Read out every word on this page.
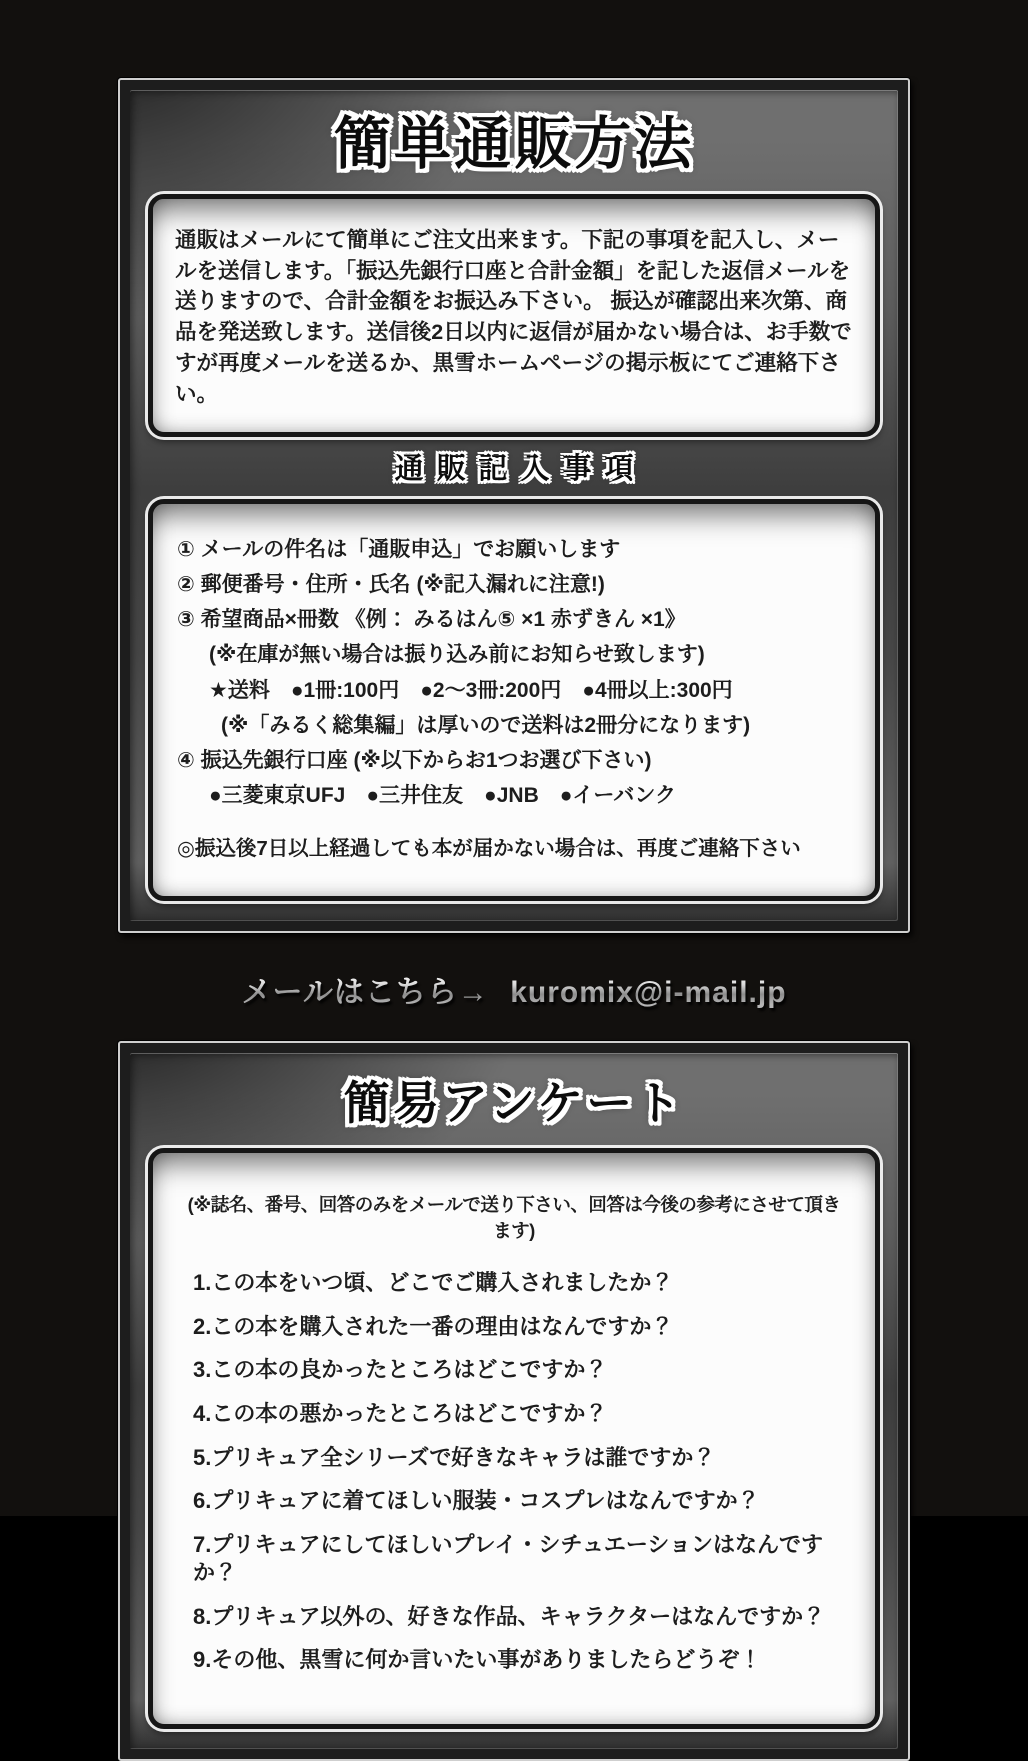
簡単通販方法

通販はメールにて簡単にご注文出来ます。下記の事項を記入し、メールを送信します。「振込先銀行口座と合計金額」を記した返信メールを送りますので、合計金額をお振込み下さい。 振込が確認出来次第、商品を発送致します。送信後2日以内に返信が届かない場合は、お手数ですが再度メールを送るか、黒雪ホームページの掲示板にてご連絡下さい。

通販記入事項

① メールの件名は「通販申込」でお願いします

② 郵便番号・住所・氏名 (※記入漏れに注意!)

③ 希望商品×冊数 《例： みるはん⑤ ×1 赤ずきん ×1》

(※在庫が無い場合は振り込み前にお知らせ致します)

★送料　●1冊:100円　●2～3冊:200円　●4冊以上:300円

(※「みるく総集編」は厚いので送料は2冊分になります)

④ 振込先銀行口座 (※以下からお1つお選び下さい)

●三菱東京UFJ　●三井住友　●JNB　●イーバンク

◎振込後7日以上経過しても本が届かない場合は、再度ご連絡下さい

メールはこちら→ kuromix@i-mail.jp
簡易アンケート

(※誌名、番号、回答のみをメールで送り下さい、回答は今後の参考にさせて頂きます)

1.この本をいつ頃、どこでご購入されましたか？

2.この本を購入された一番の理由はなんですか？

3.この本の良かったところはどこですか？

4.この本の悪かったところはどこですか？

5.プリキュア全シリーズで好きなキャラは誰ですか？

6.プリキュアに着てほしい服装・コスプレはなんですか？

7.プリキュアにしてほしいプレイ・シチュエーションはなんですか？

8.プリキュア以外の、好きな作品、キャラクターはなんですか？

9.その他、黒雪に何か言いたい事がありましたらどうぞ！
